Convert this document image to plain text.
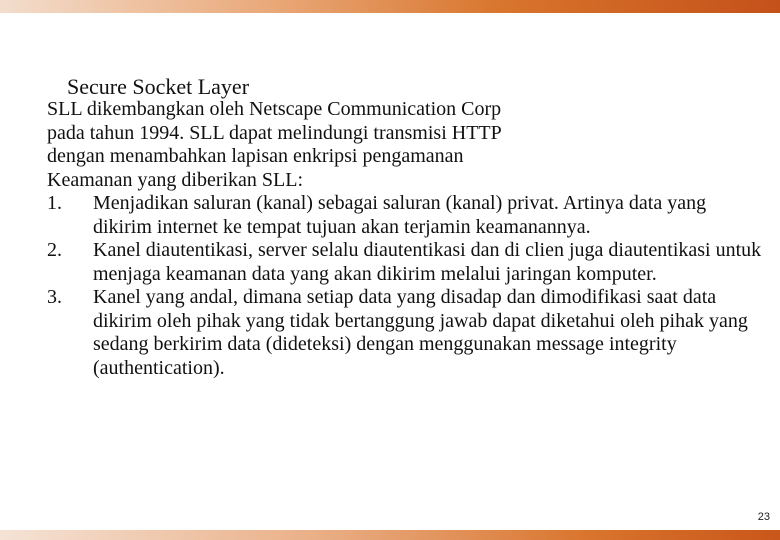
SLL dikembangkan oleh Netscape Communication Corp

pada tahun 1994. SLL dapat melindungi transmisi HTTP

dengan menambahkan lapisan enkripsi pengamanan

Keamanan yang diberikan SLL:

1.	Menjadikan saluran (kanal) sebagai saluran (kanal) privat. Artinya data yang dikirim internet ke tempat tujuan akan terjamin keamanannya.
2.	Kanel diautentikasi, server selalu diautentikasi dan di clien juga diautentikasi untuk menjaga keamanan data yang akan dikirim melalui jaringan komputer.
3.	Kanel yang andal, dimana setiap data yang disadap dan dimodifikasi saat data dikirim oleh pihak yang tidak bertanggung jawab dapat diketahui oleh pihak yang sedang berkirim data (dideteksi) dengan menggunakan message integrity (authentication).
Secure Socket Layer
23
